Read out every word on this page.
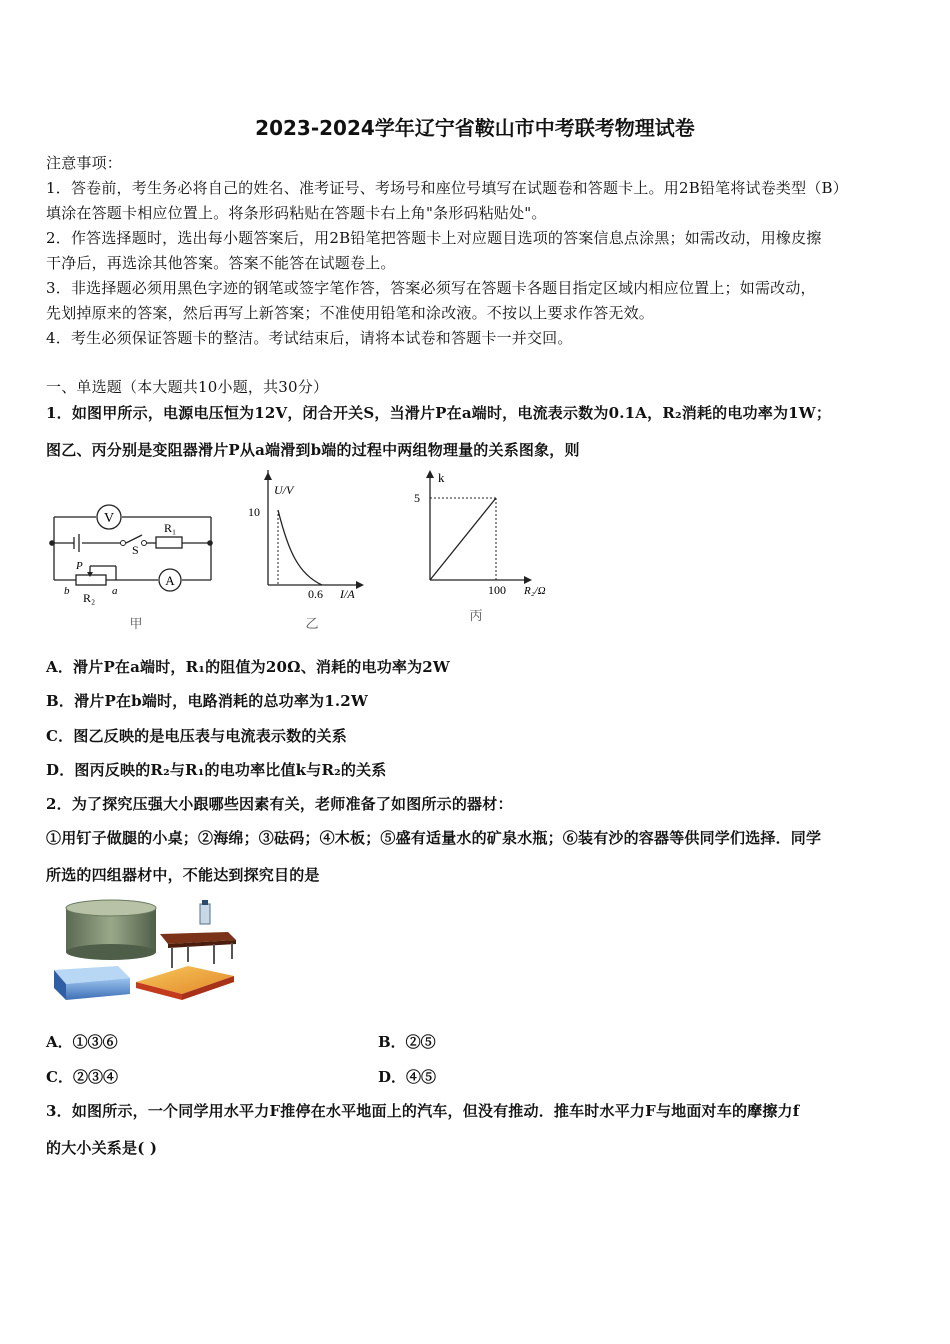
2023-2024学年辽宁省鞍山市中考联考物理试卷
注意事项：
1．答卷前，考生务必将自己的姓名、准考证号、考场号和座位号填写在试题卷和答题卡上。用2B铅笔将试卷类型（B）
填涂在答题卡相应位置上。将条形码粘贴在答题卡右上角"条形码粘贴处"。
2．作答选择题时，选出每小题答案后，用2B铅笔把答题卡上对应题目选项的答案信息点涂黑；如需改动，用橡皮擦
干净后，再选涂其他答案。答案不能答在试题卷上。
3．非选择题必须用黑色字迹的钢笔或签字笔作答，答案必须写在答题卡各题目指定区域内相应位置上；如需改动，
先划掉原来的答案，然后再写上新答案；不准使用铅笔和涂改液。不按以上要求作答无效。
4．考生必须保证答题卡的整洁。考试结束后，请将本试卷和答题卡一并交回。
一、单选题（本大题共10小题，共30分）
1．如图甲所示，电源电压恒为12V，闭合开关S，当滑片P在a端时，电流表示数为0.1A，R₂消耗的电功率为1W；
图乙、丙分别是变阻器滑片P从a端滑到b端的过程中两组物理量的关系图象，则
V
A
R₁
S
P
b R₂ a
甲
U/V
10
0.6 I/A
乙
k
5
100 R₂/Ω
丙
A．滑片P在a端时，R₁的阻值为20Ω、消耗的电功率为2W
B．滑片P在b端时，电路消耗的总功率为1.2W
C．图乙反映的是电压表与电流表示数的关系
D．图丙反映的R₂与R₁的电功率比值k与R₂的关系
2．为了探究压强大小跟哪些因素有关，老师准备了如图所示的器材：
①用钉子做腿的小桌；②海绵；③砝码；④木板；⑤盛有适量水的矿泉水瓶；⑥装有沙的容器等供同学们选择．同学
所选的四组器材中，不能达到探究目的是
A．①③⑥	B．②⑤
C．②③④	D．④⑤
3．如图所示，一个同学用水平力F推停在水平地面上的汽车，但没有推动．推车时水平力F与地面对车的摩擦力f
的大小关系是( )
